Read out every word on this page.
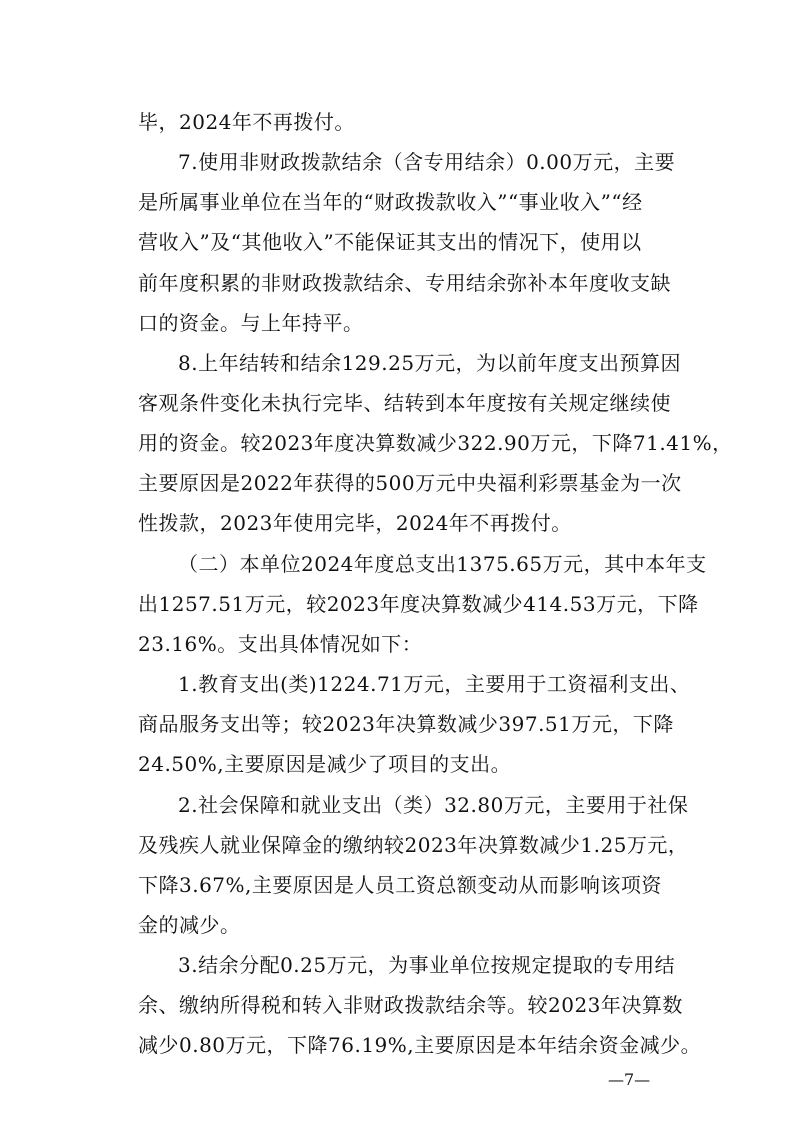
毕，2024年不再拨付。
7.使用非财政拨款结余（含专用结余）0.00万元，主要
是所属事业单位在当年的“财政拨款收入”“事业收入”“经
营收入”及“其他收入”不能保证其支出的情况下，使用以
前年度积累的非财政拨款结余、专用结余弥补本年度收支缺
口的资金。与上年持平。
8.上年结转和结余129.25万元，为以前年度支出预算因
客观条件变化未执行完毕、结转到本年度按有关规定继续使
用的资金。较2023年度决算数减少322.90万元，下降71.41%，
主要原因是2022年获得的500万元中央福利彩票基金为一次
性拨款，2023年使用完毕，2024年不再拨付。
（二）本单位2024年度总支出1375.65万元，其中本年支
出1257.51万元，较2023年度决算数减少414.53万元，下降
23.16%。支出具体情况如下：
1.教育支出(类)1224.71万元，主要用于工资福利支出、
商品服务支出等；较2023年决算数减少397.51万元，下降
24.50%,主要原因是减少了项目的支出。
2.社会保障和就业支出（类）32.80万元，主要用于社保
及残疾人就业保障金的缴纳较2023年决算数减少1.25万元，
下降3.67%,主要原因是人员工资总额变动从而影响该项资
金的减少。
3.结余分配0.25万元，为事业单位按规定提取的专用结
余、缴纳所得税和转入非财政拨款结余等。较2023年决算数
减少0.80万元，下降76.19%,主要原因是本年结余资金减少。
—7—
